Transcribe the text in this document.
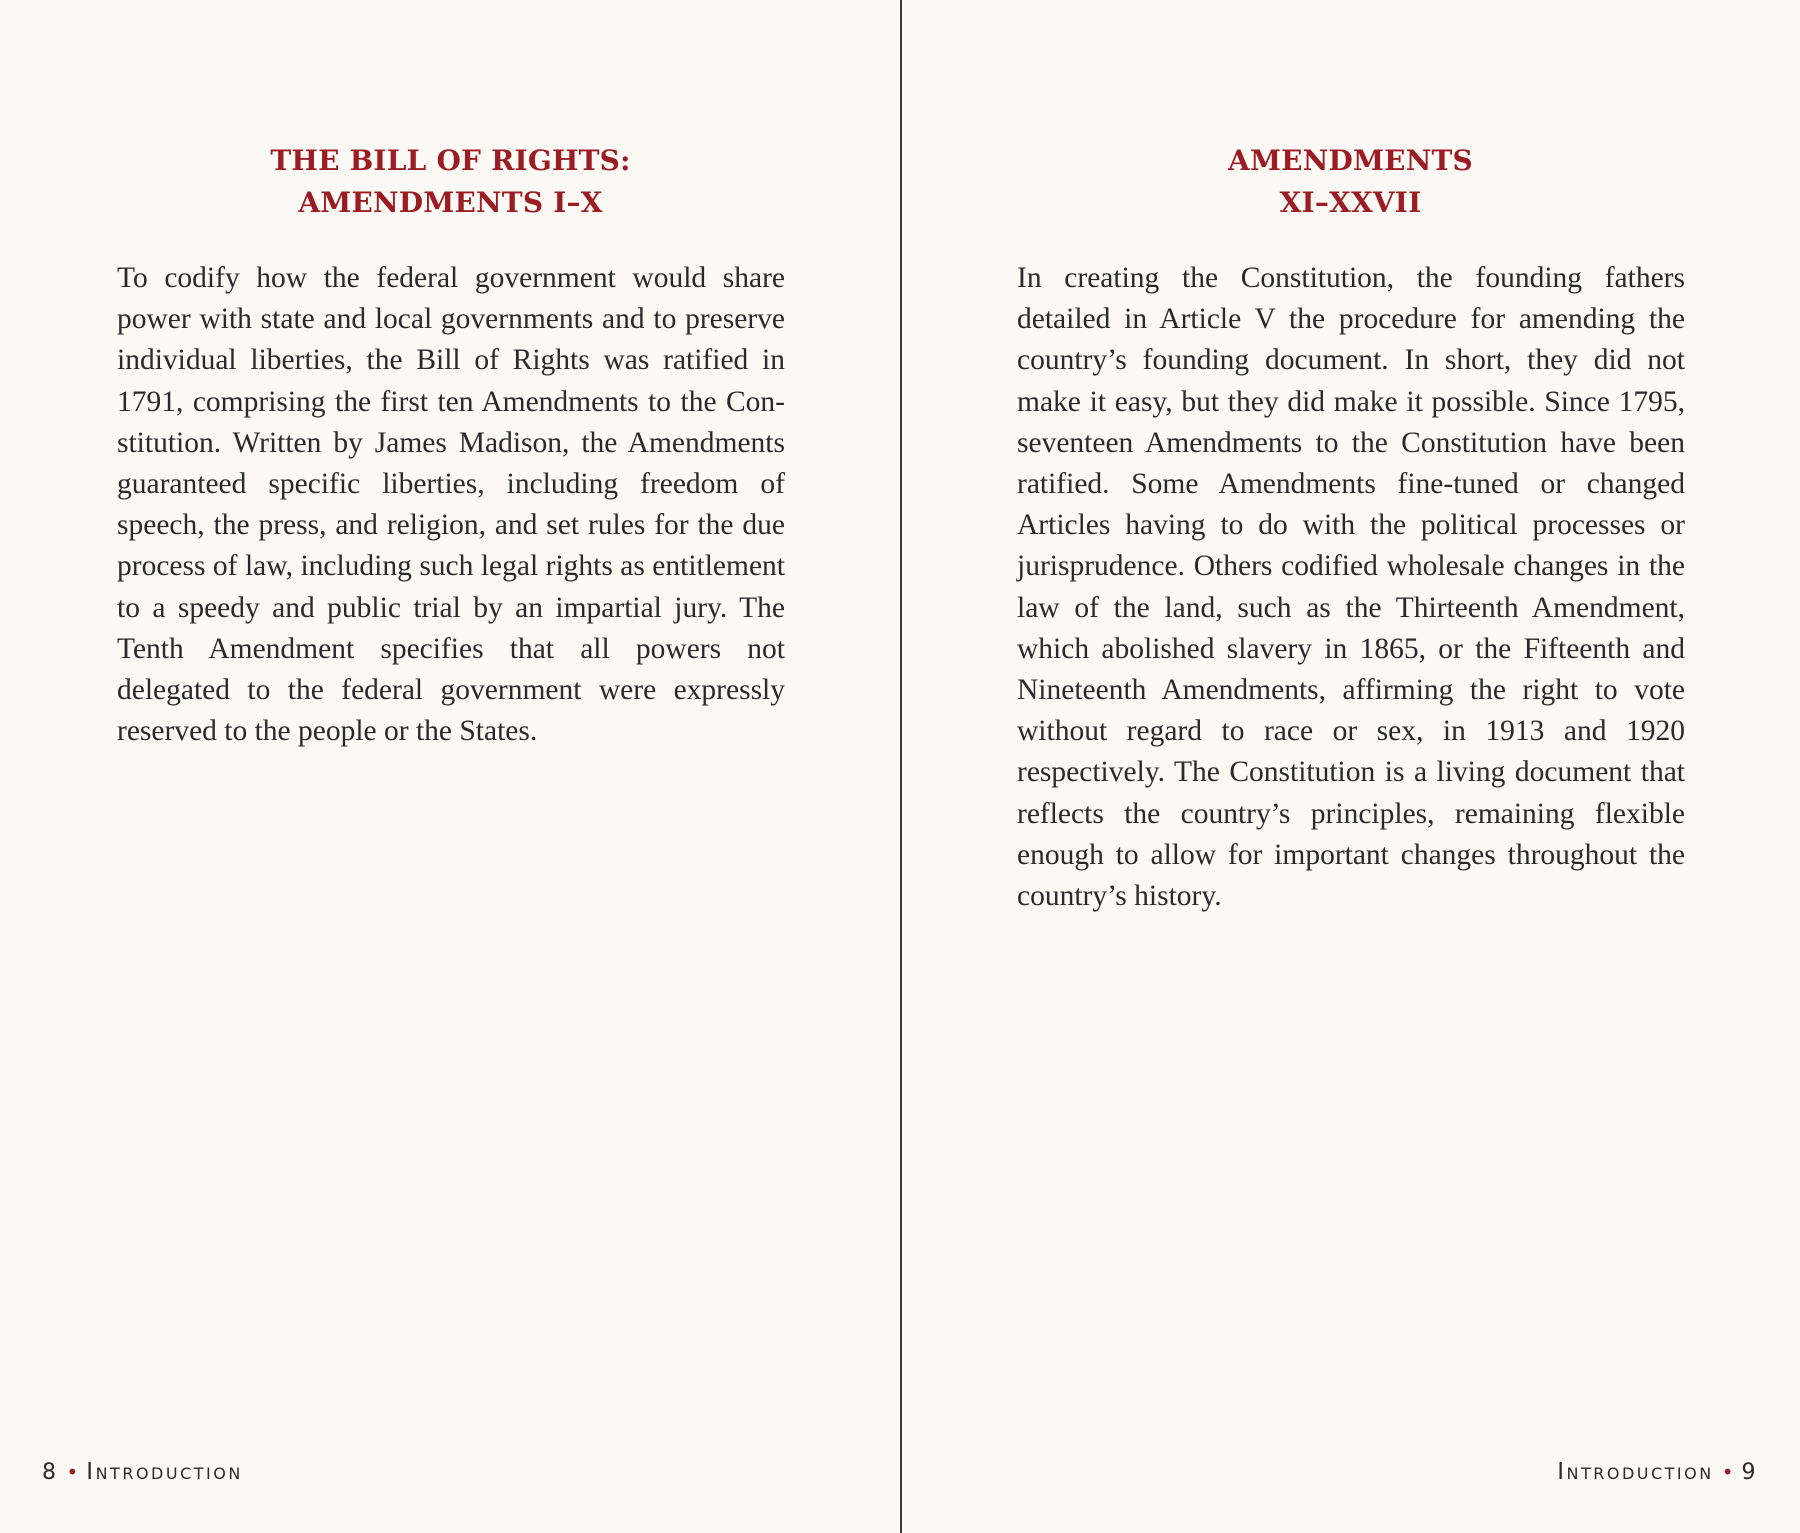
THE BILL OF RIGHTS:
AMENDMENTS I–X

To codify how the federal government would share power with state and local governments and to preserve individual liberties, the Bill of Rights was ratified in 1791, comprising the first ten Amendments to the Constitution. Written by James Madison, the Amendments guaranteed specific liberties, including freedom of speech, the press, and religion, and set rules for the due process of law, including such legal rights as entitlement to a speedy and public trial by an impartial jury. The Tenth Amendment specifies that all powers not delegated to the federal government were expressly reserved to the people or the States.

8 • Introduction
AMENDMENTS
XI–XXVII

In creating the Constitution, the founding fathers detailed in Article V the procedure for amending the country’s founding document. In short, they did not make it easy, but they did make it possible. Since 1795, seventeen Amendments to the Constitution have been ratified. Some Amendments fine-tuned or changed Articles having to do with the political processes or jurisprudence. Others codified wholesale changes in the law of the land, such as the Thirteenth Amendment, which abolished slavery in 1865, or the Fifteenth and Nineteenth Amendments, affirming the right to vote without regard to race or sex, in 1913 and 1920 respectively. The Constitution is a living document that reflects the country’s principles, remaining flexible enough to allow for important changes throughout the country’s history.

Introduction • 9
